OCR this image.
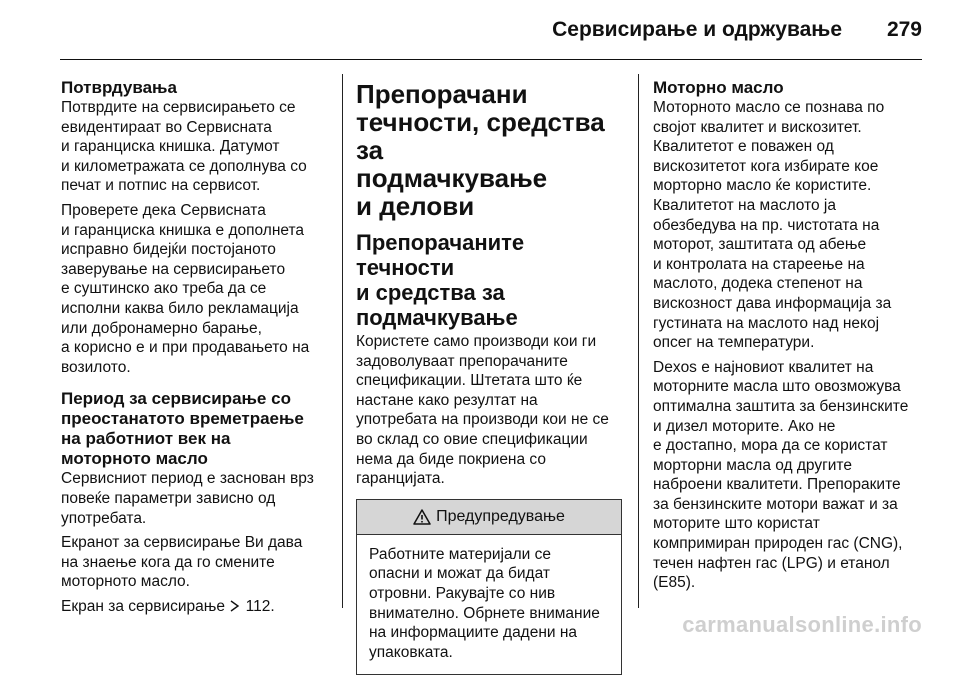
Сервисирање и одржување 279
Потврдувања

Потврдите на сервисирањето се
евидентираат во Сервисната
и гаранциска книшка. Датумот
и километражата се дополнува со
печат и потпис на сервисот.

Проверете дека Сервисната
и гаранциска книшка е дополнета
исправно бидејќи постојаното
заверување на сервисирањето
е суштинско ако треба да се
исполни каква било рекламација
или добронамерно барање,
а корисно е и при продавањето на
возилото.

Период за сервисирање со
преостанатото времетраење
на работниот век на
моторното масло

Сервисниот период е заснован врз
повеќе параметри зависно од
употребата.

Екранот за сервисирање Ви дава
на знаење кога да го смените
моторното масло.

Екран за сервисирање 112.

Препорачани
течности, средства за
подмачкување
и делови
Препорачаните течности
и средства за
подмачкување

Користете само производи кои ги
задоволуваат препорачаните
спецификации. Штетата што ќе
настане како резултат на
употребата на производи кои не се
во склад со овие спецификации
нема да биде покриена со
гаранцијата.

Предупредување
Работните материјали се
опасни и можат да бидат
отровни. Ракувајте со нив
внимателно. Обрнете внимание
на информациите дадени на
упаковката.
Моторно масло

Моторното масло се познава по
својот квалитет и вискозитет.
Квалитетот е поважен од
вискозитетот кога избирате кое
морторно масло ќе користите.
Квалитетот на маслото ја
обезбедува на пр. чистотата на
моторот, заштитата од абење
и контролата на стареење на
маслото, додека степенот на
вискозност дава информација за
густината на маслото над некој
опсег на температури.

Dexos е најновиот квалитет на
моторните масла што овозможува
оптимална заштита за бензинските
и дизел моторите. Ако не
е достапно, мора да се користат
морторни масла од другите
наброени квалитети. Препораките
за бензинските мотори важат и за
моторите што користат
компримиран природен гас (CNG),
течен нафтен гас (LPG) и етанол
(E85).

carmanualsonline.info
